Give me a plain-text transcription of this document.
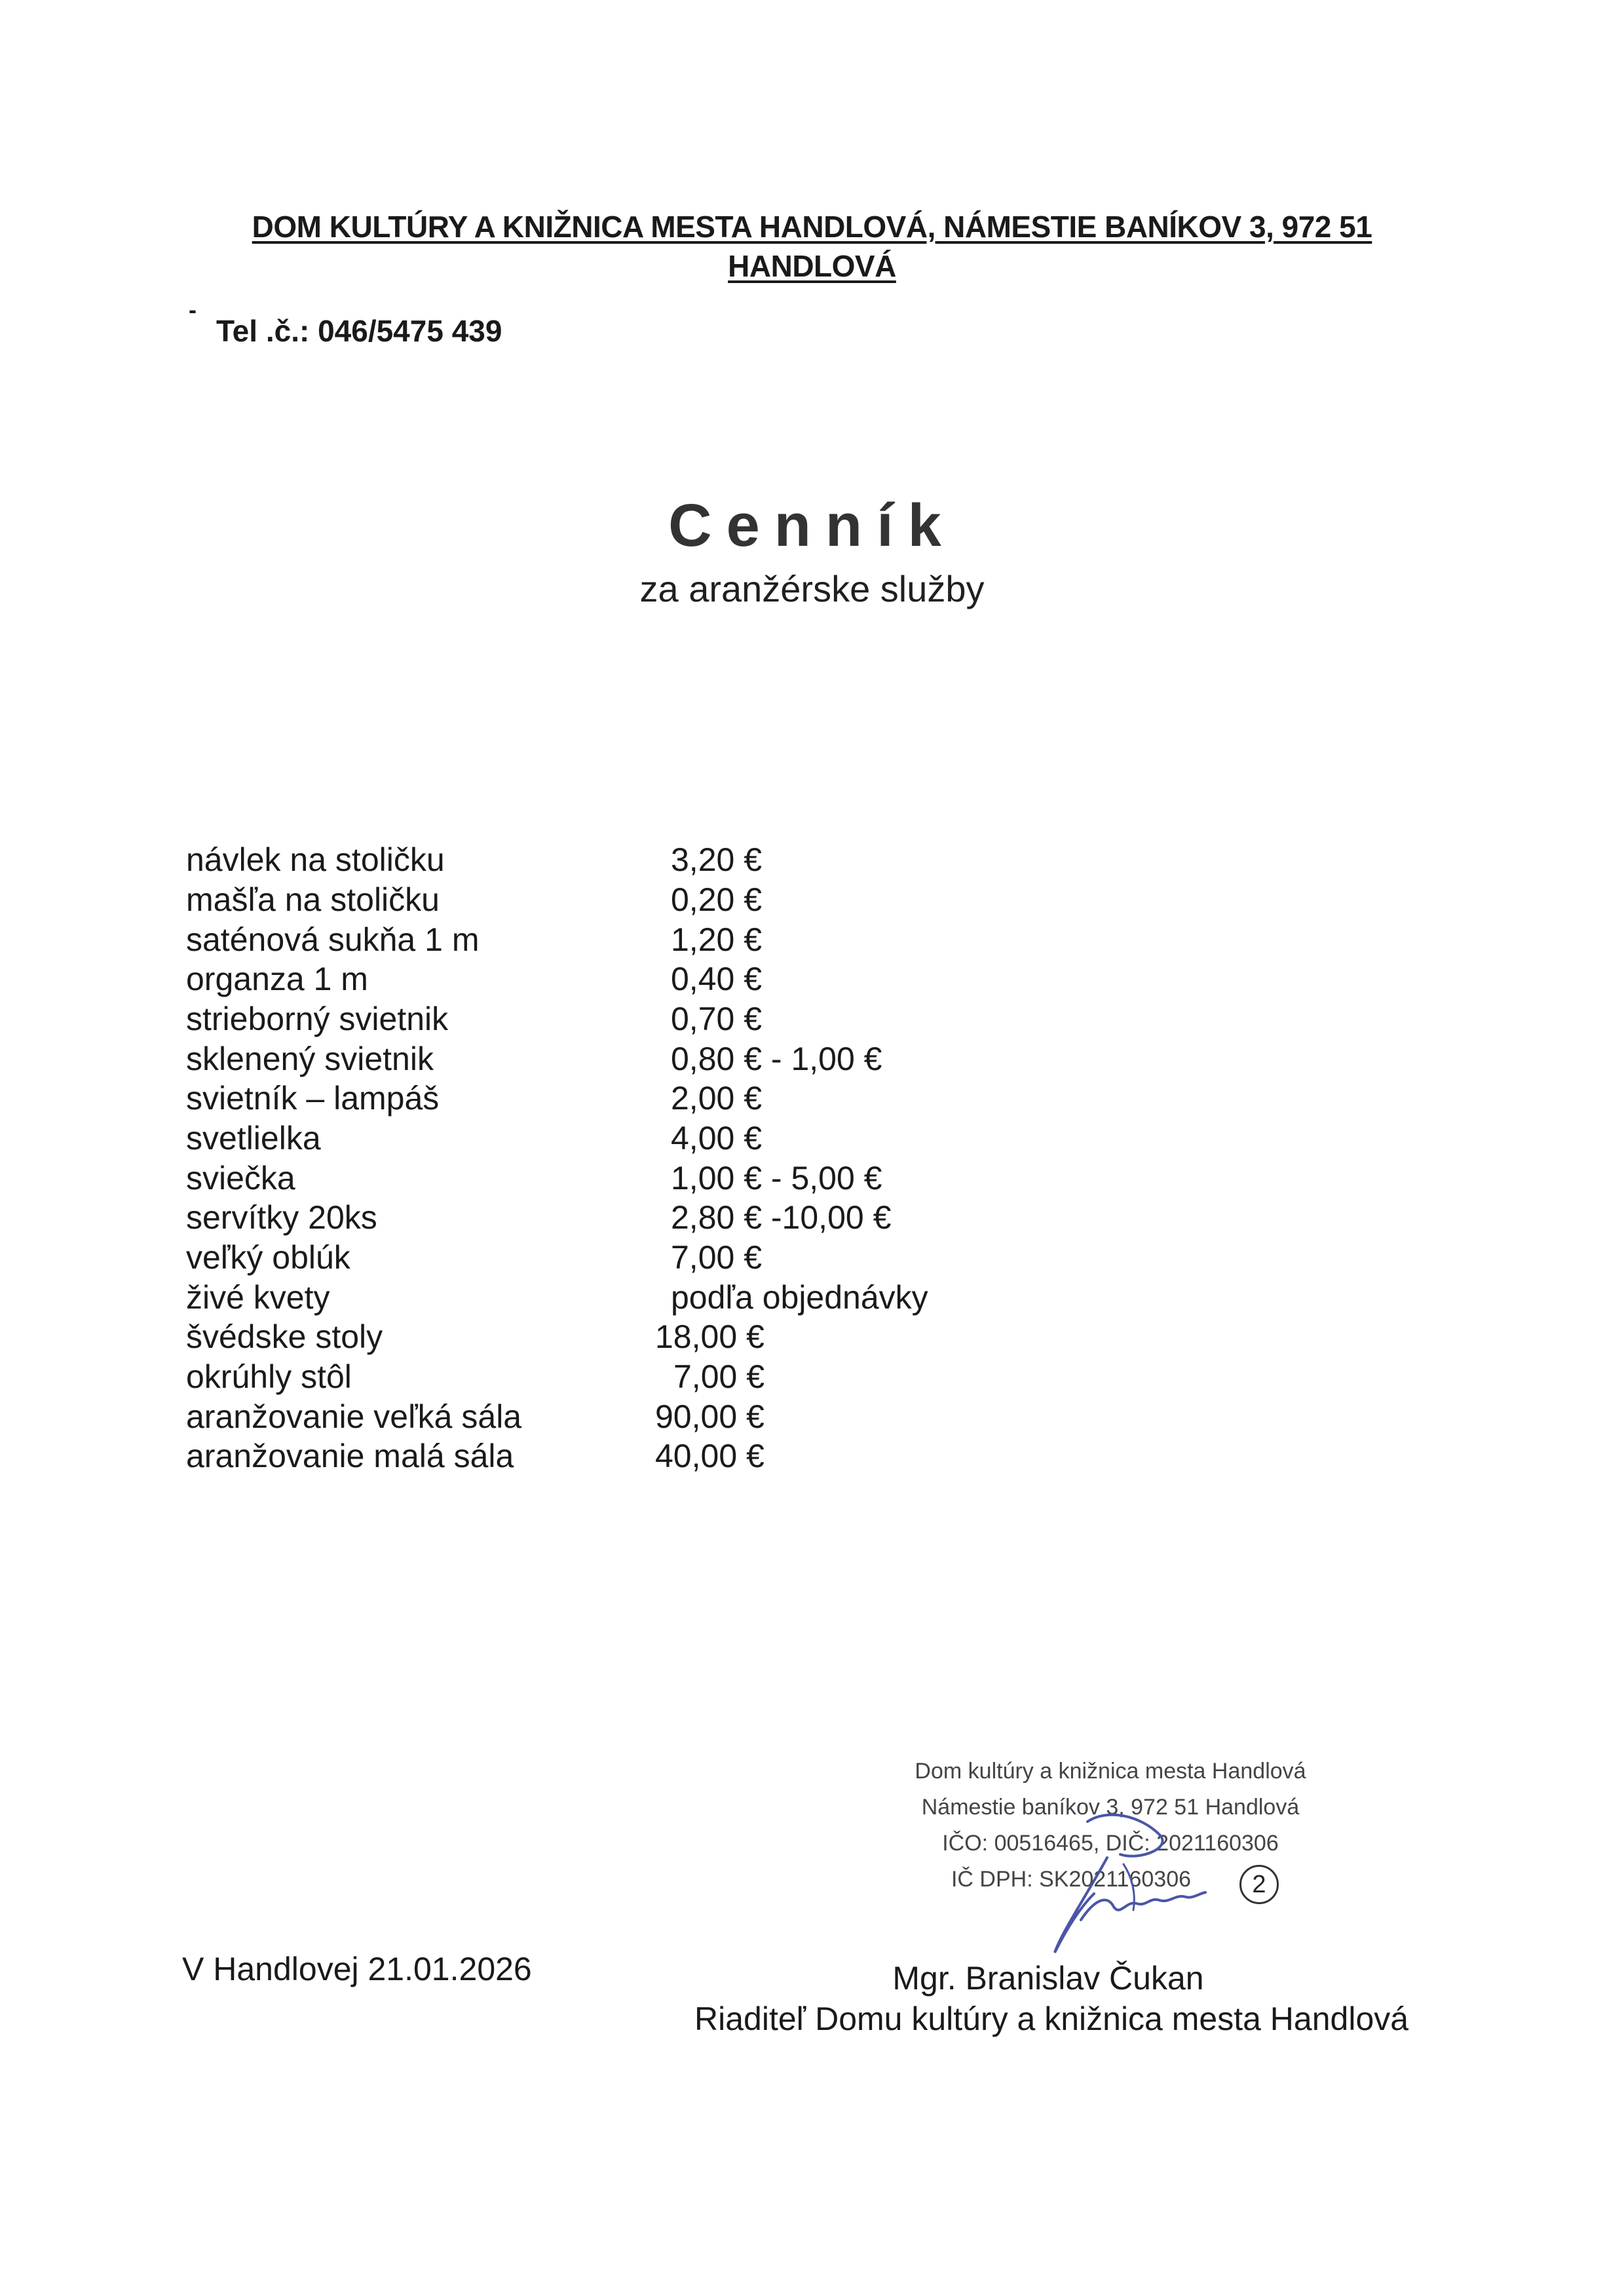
DOM KULTÚRY A KNIŽNICA MESTA HANDLOVÁ, NÁMESTIE BANÍKOV 3, 972 51
HANDLOVÁ
-
Tel .č.: 046/5475 439
Cenník
za aranžérske služby
návlek na stoličku	3,20 €
mašľa na stoličku	0,20 €
saténová sukňa 1 m	1,20 €
organza 1 m	0,40 €
strieborný svietnik	0,70 €
sklenený svietnik	0,80 € - 1,00 €
svietník – lampáš	2,00 €
svetlielka	4,00 €
sviečka	1,00 € - 5,00 €
servítky 20ks	2,80 € -10,00 €
veľký oblúk	7,00 €
živé kvety	podľa objednávky
švédske stoly	18,00 €
okrúhly stôl	7,00 €
aranžovanie veľká sála	90,00 €
aranžovanie malá sála	40,00 €
Dom kultúry a knižnica mesta Handlová
Námestie baníkov 3, 972 51 Handlová
IČO: 00516465, DIČ: 2021160306
IČ DPH: SK2021160306	2
V Handlovej 21.01.2026	Mgr. Branislav Čukan
Riaditeľ Domu kultúry a knižnica mesta Handlová
